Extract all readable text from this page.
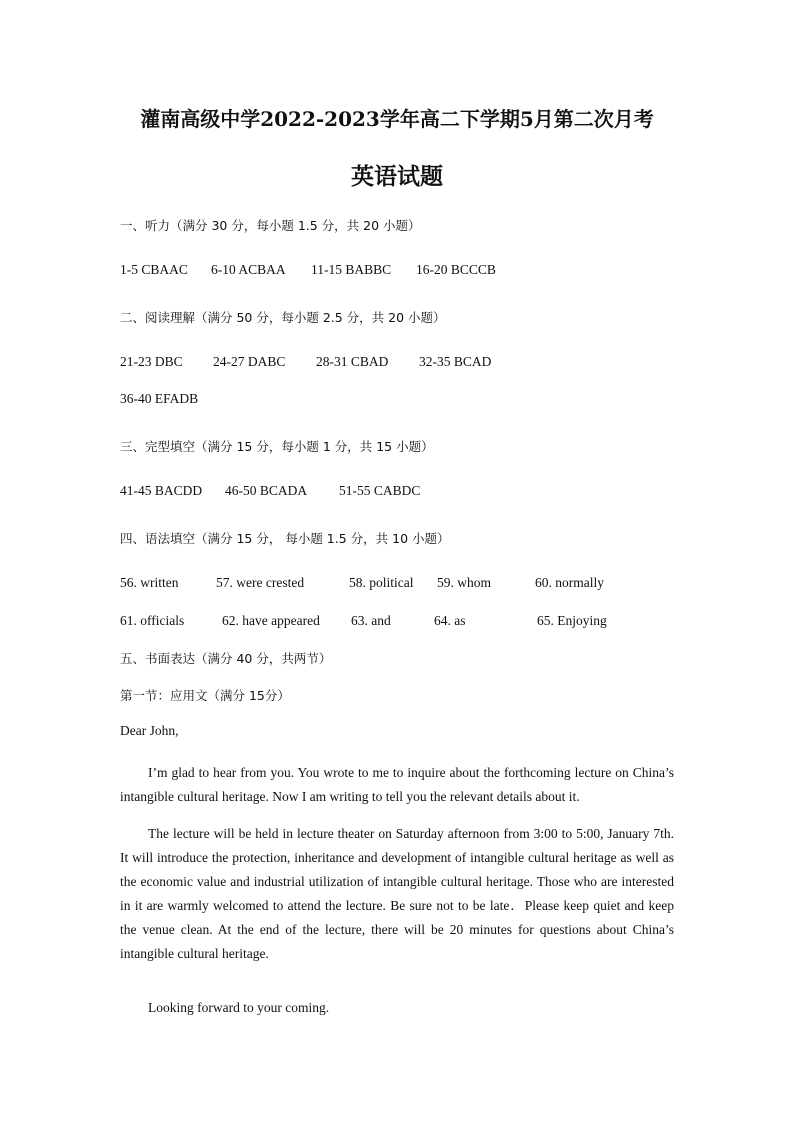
灌南高级中学2022-2023学年高二下学期5月第二次月考
英语试题
一、听力（满分 30 分，每小题 1.5 分，共 20 小题）
1-5 CBAAC 6-10 ACBAA 11-15 BABBC 16-20 BCCCB
二、阅读理解（满分 50 分，每小题 2.5 分，共 20 小题）
21-23 DBC 24-27 DABC 28-31 CBAD 32-35 BCAD
36-40 EFADB
三、完型填空（满分 15 分，每小题 1 分，共 15 小题）
41-45 BACDD 46-50 BCADA 51-55 CABDC
四、语法填空（满分 15 分， 每小题 1.5 分，共 10 小题）
56. written	57. were crested	58. political 59. whom	60. normally
61. officials	62. have appeared 63. and	64. as	65. Enjoying
五、书面表达（满分 40 分，共两节）
第一节：应用文（满分 15分）
Dear John,

I’m glad to hear from you. You wrote to me to inquire about the forthcoming lecture on China’s intangible cultural heritage. Now I am writing to tell you the relevant details about it.

The lecture will be held in lecture theater on Saturday afternoon from 3:00 to 5:00, January 7th. It will introduce the protection, inheritance and development of intangible cultural heritage as well as the economic value and industrial utilization of intangible cultural heritage. Those who are interested in it are warmly welcomed to attend the lecture. Be sure not to be late．Please keep quiet and keep the venue clean. At the end of the lecture, there will be 20 minutes for questions about China’s intangible cultural heritage.

Looking forward to your coming.
